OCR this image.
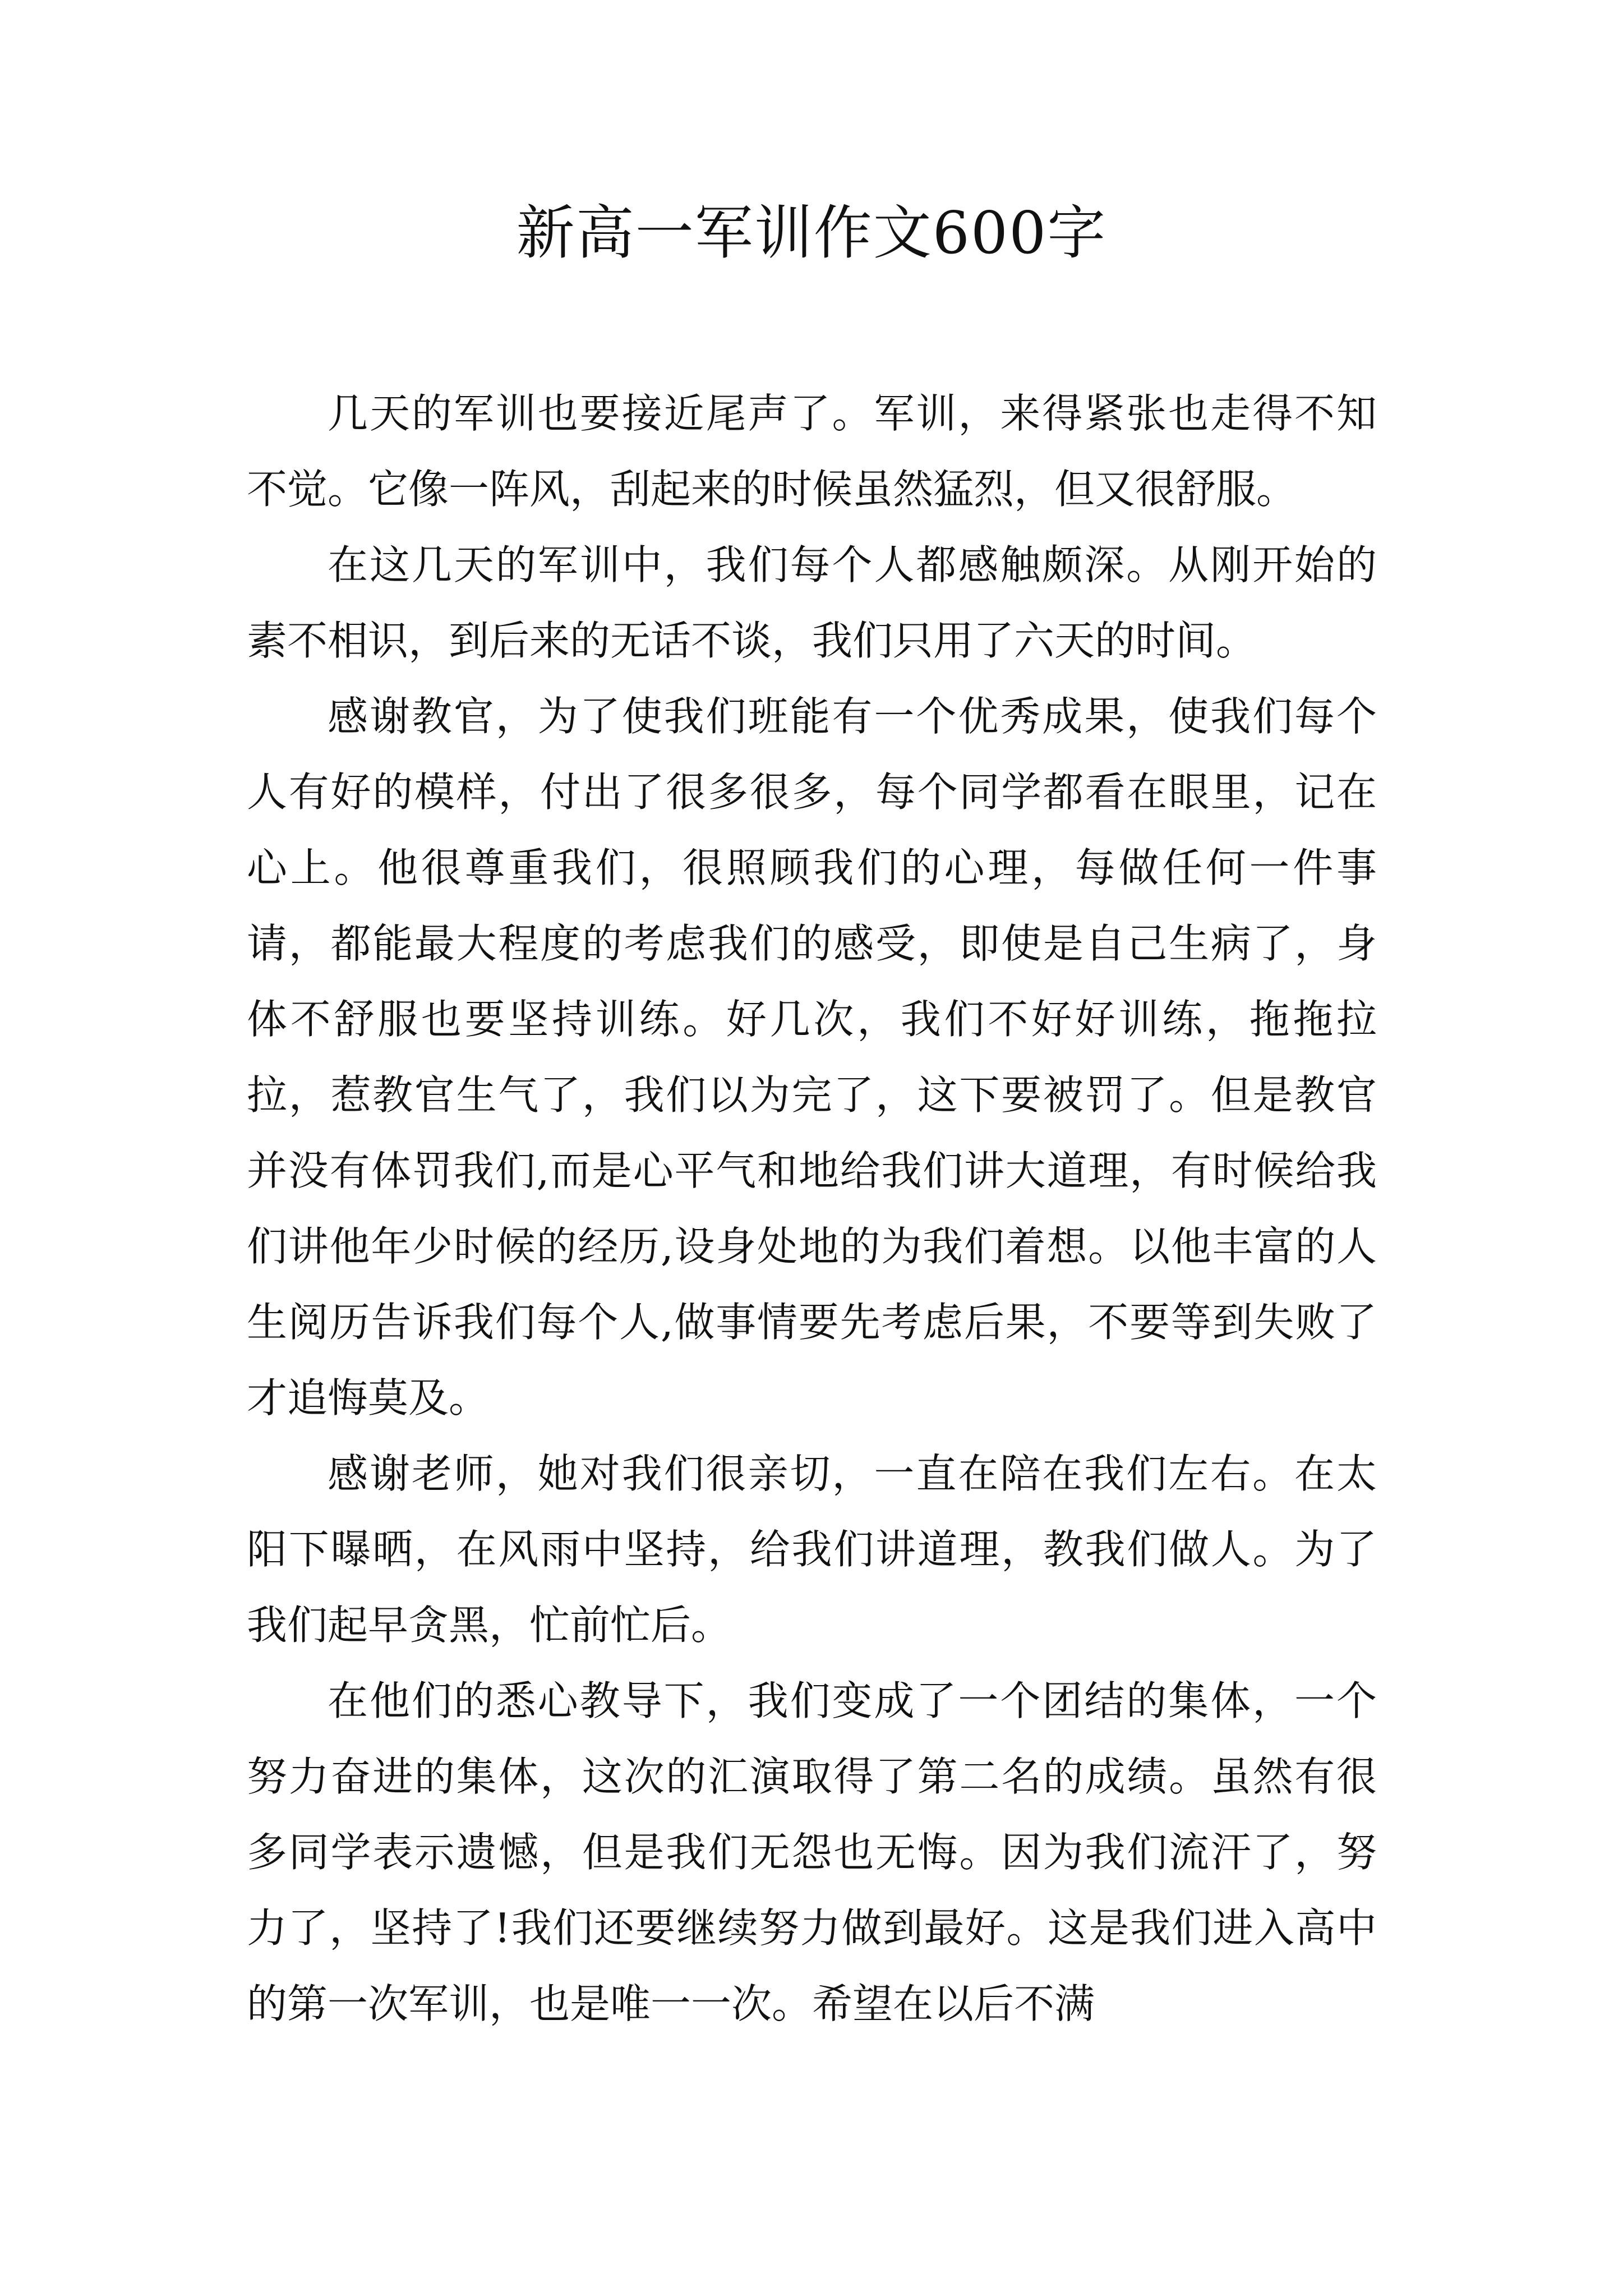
新高一军训作文600字

几天的军训也要接近尾声了。军训，来得紧张也走得不知不觉。它像一阵风，刮起来的时候虽然猛烈，但又很舒服。

在这几天的军训中，我们每个人都感触颇深。从刚开始的素不相识，到后来的无话不谈，我们只用了六天的时间。

感谢教官，为了使我们班能有一个优秀成果，使我们每个人有好的模样，付出了很多很多，每个同学都看在眼里，记在心上。他很尊重我们，很照顾我们的心理，每做任何一件事请，都能最大程度的考虑我们的感受，即使是自己生病了，身体不舒服也要坚持训练。好几次，我们不好好训练，拖拖拉拉，惹教官生气了，我们以为完了，这下要被罚了。但是教官并没有体罚我们,而是心平气和地给我们讲大道理，有时候给我们讲他年少时候的经历,设身处地的为我们着想。以他丰富的人生阅历告诉我们每个人,做事情要先考虑后果，不要等到失败了才追悔莫及。

感谢老师，她对我们很亲切，一直在陪在我们左右。在太阳下曝晒，在风雨中坚持，给我们讲道理，教我们做人。为了我们起早贪黑，忙前忙后。

在他们的悉心教导下，我们变成了一个团结的集体，一个努力奋进的集体，这次的汇演取得了第二名的成绩。虽然有很多同学表示遗憾，但是我们无怨也无悔。因为我们流汗了，努力了，坚持了!我们还要继续努力做到最好。这是我们进入高中的第一次军训，也是唯一一次。希望在以后不满
